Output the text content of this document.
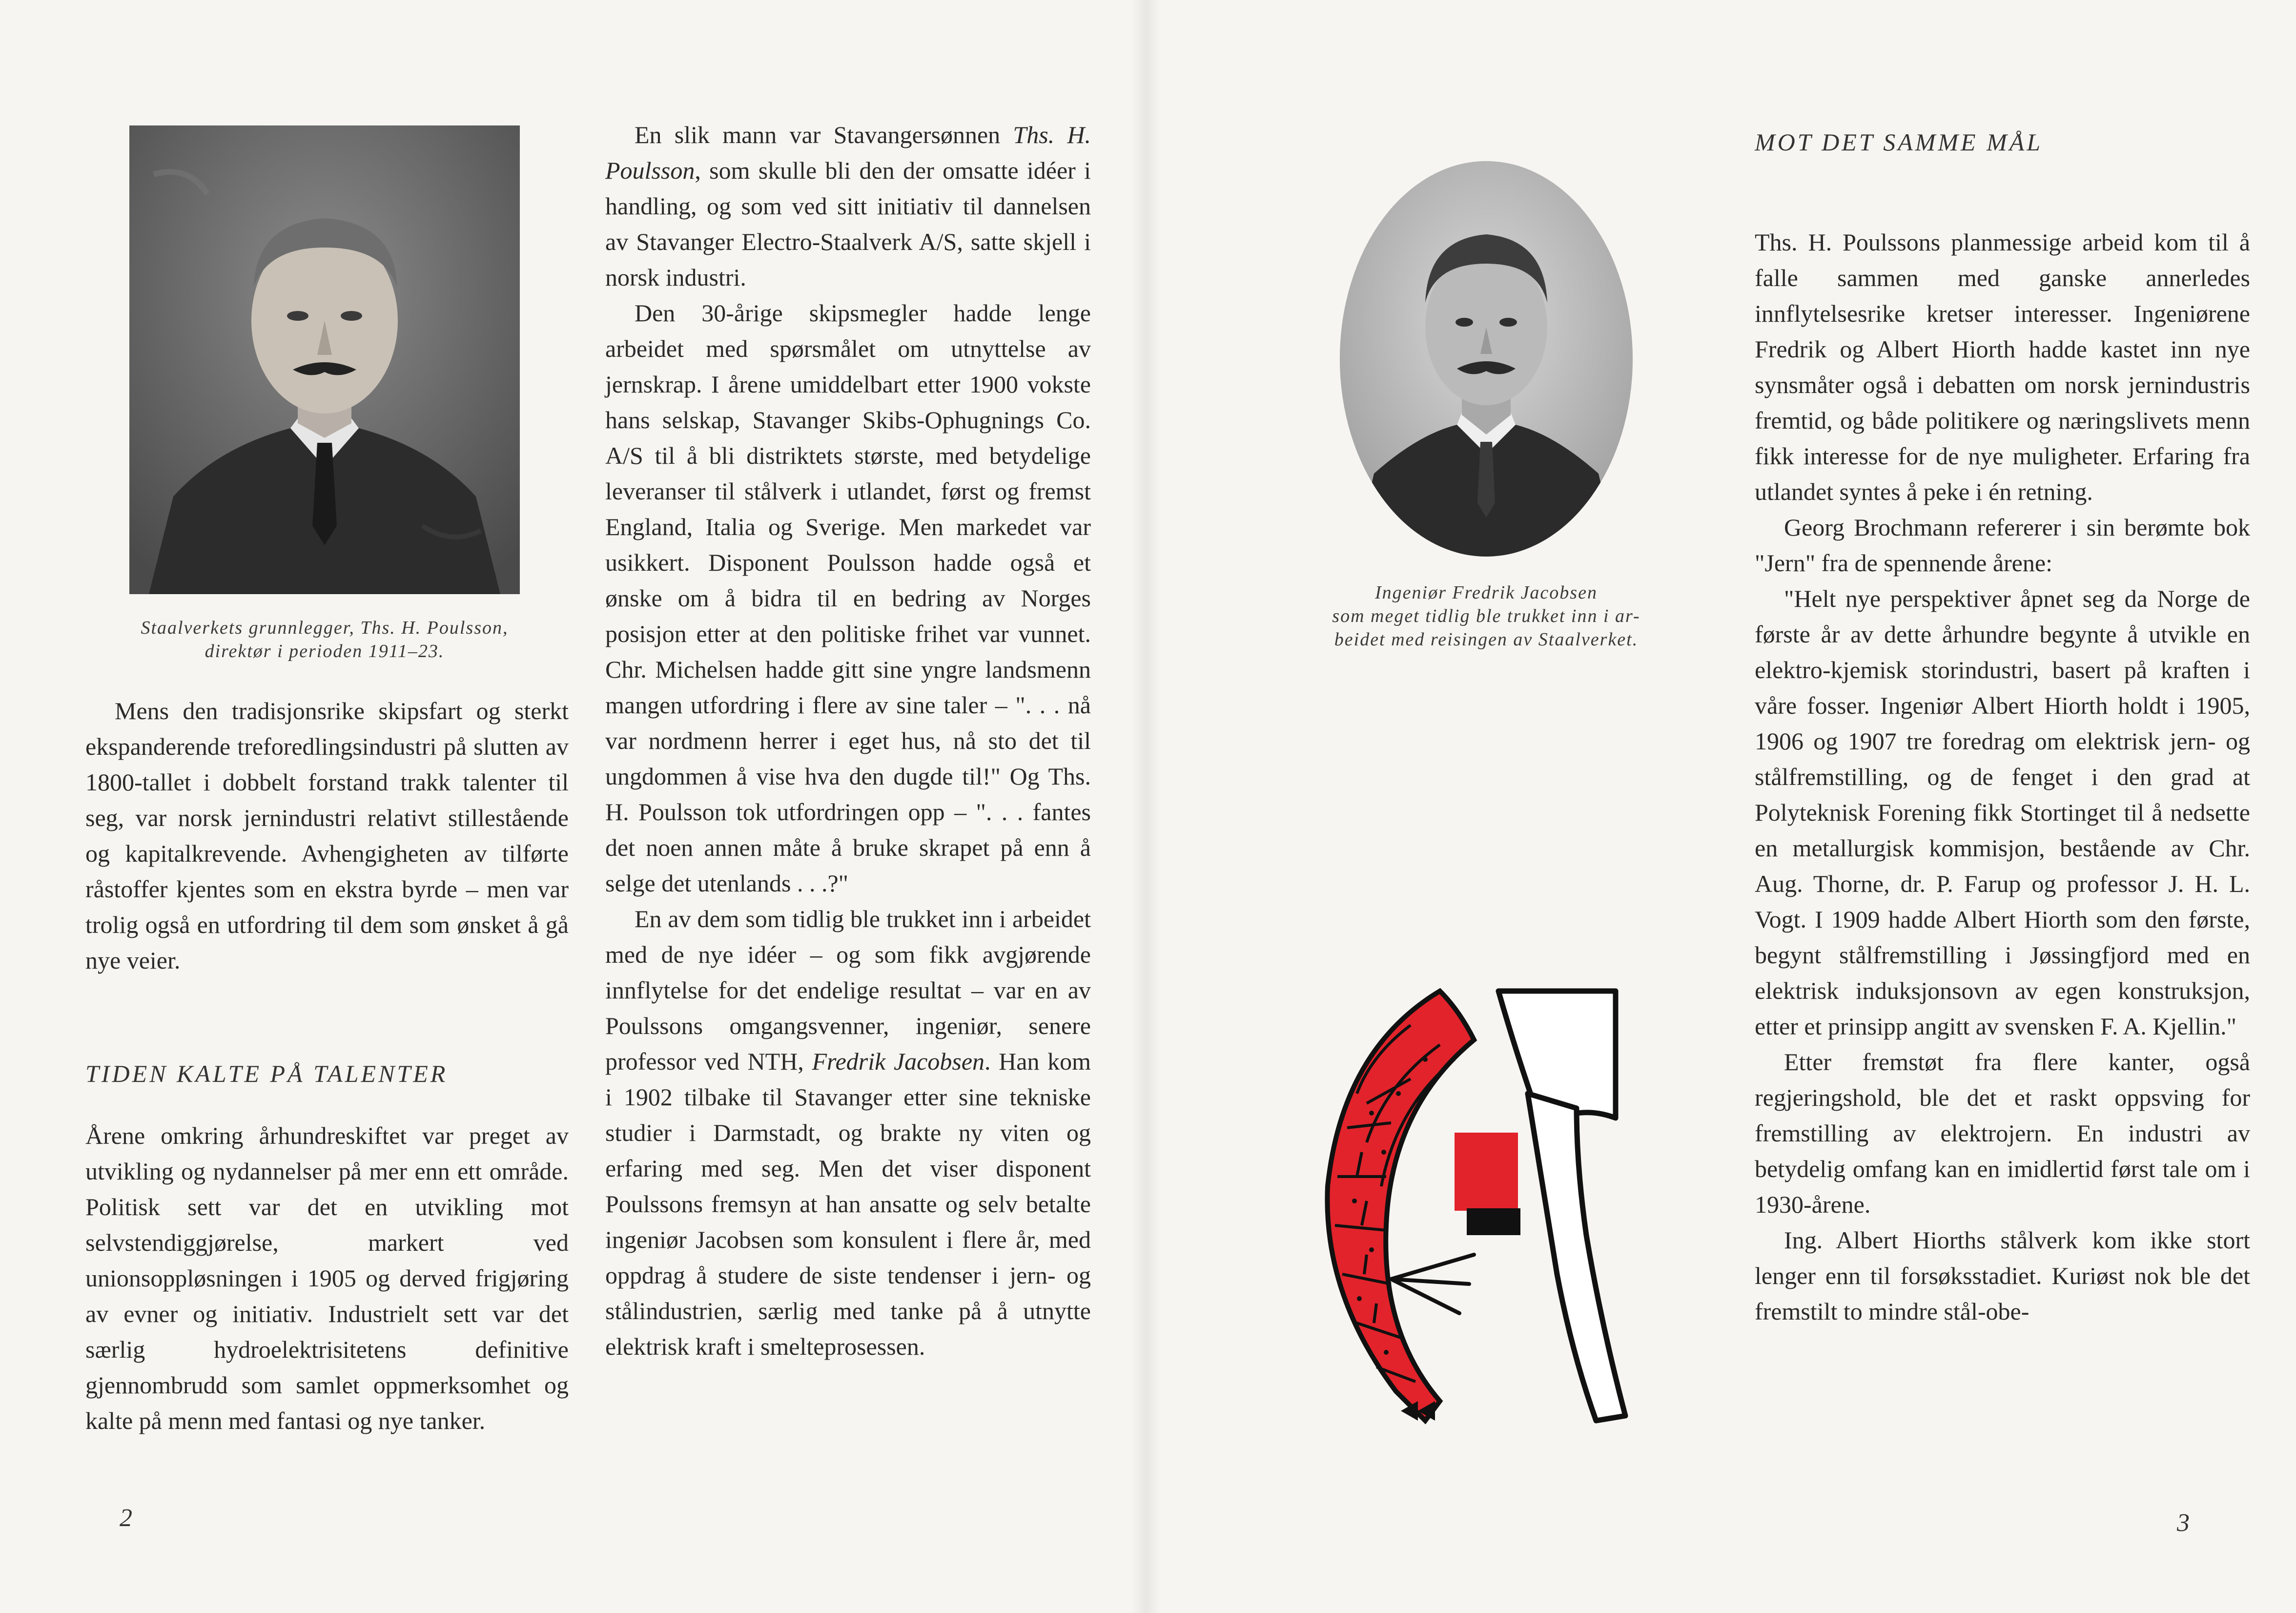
Staalverkets grunnlegger, Ths. H. Poulsson,
direktør i perioden 1911–23.

Mens den tradisjonsrike skipsfart og sterkt ekspanderende treforedlingsindustri på slutten av 1800-tallet i dobbelt forstand trakk talenter til seg, var norsk jernindustri relativt stillestående og kapitalkrevende. Avhengigheten av tilførte råstoffer kjentes som en ekstra byrde – men var trolig også en utfordring til dem som ønsket å gå nye veier.

TIDEN KALTE PÅ TALENTER

Årene omkring århundreskiftet var preget av utvikling og nydannelser på mer enn ett område. Politisk sett var det en utvikling mot selvstendiggjørelse, markert ved unionsoppløsningen i 1905 og derved frigjøring av evner og initiativ. Industrielt sett var det særlig hydroelektrisitetens definitive gjennombrudd som samlet oppmerksomhet og kalte på menn med fantasi og nye tanker.

En slik mann var Stavangersønnen Ths. H. Poulsson, som skulle bli den der omsatte idéer i handling, og som ved sitt initiativ til dannelsen av Stavanger Electro-Staalverk A/S, satte skjell i norsk industri.

Den 30-årige skipsmegler hadde lenge arbeidet med spørsmålet om utnyttelse av jernskrap. I årene umiddelbart etter 1900 vokste hans selskap, Stavanger Skibs-Ophugnings Co. A/S til å bli distriktets største, med betydelige leveranser til stålverk i utlandet, først og fremst England, Italia og Sverige. Men markedet var usikkert. Disponent Poulsson hadde også et ønske om å bidra til en bedring av Norges posisjon etter at den politiske frihet var vunnet. Chr. Michelsen hadde gitt sine yngre landsmenn mangen utfordring i flere av sine taler – ". . . nå var nordmenn herrer i eget hus, nå sto det til ungdommen å vise hva den dugde til!" Og Ths. H. Poulsson tok utfordringen opp – ". . . fantes det noen annen måte å bruke skrapet på enn å selge det utenlands . . .?"

En av dem som tidlig ble trukket inn i arbeidet med de nye idéer – og som fikk avgjørende innflytelse for det endelige resultat – var en av Poulssons omgangsvenner, ingeniør, senere professor ved NTH, Fredrik Jacobsen. Han kom i 1902 tilbake til Stavanger etter sine tekniske studier i Darmstadt, og brakte ny viten og erfaring med seg. Men det viser disponent Poulssons fremsyn at han ansatte og selv betalte ingeniør Jacobsen som konsulent i flere år, med oppdrag å studere de siste tendenser i jern- og stålindustrien, særlig med tanke på å utnytte elektrisk kraft i smelteprosessen.

2
Ingeniør Fredrik Jacobsen
som meget tidlig ble trukket inn i ar-
beidet med reisingen av Staalverket.
MOT DET SAMME MÅL

Ths. H. Poulssons planmessige arbeid kom til å falle sammen med ganske annerledes innflytelsesrike kretser interesser. Ingeniørene Fredrik og Albert Hiorth hadde kastet inn nye synsmåter også i debatten om norsk jernindustris fremtid, og både politikere og næringslivets menn fikk interesse for de nye muligheter. Erfaring fra utlandet syntes å peke i én retning.

Georg Brochmann refererer i sin berømte bok "Jern" fra de spennende årene:

"Helt nye perspektiver åpnet seg da Norge de første år av dette århundre begynte å utvikle en elektro-kjemisk storindustri, basert på kraften i våre fosser. Ingeniør Albert Hiorth holdt i 1905, 1906 og 1907 tre foredrag om elektrisk jern- og stålfremstilling, og de fenget i den grad at Polyteknisk Forening fikk Stortinget til å nedsette en metallurgisk kommisjon, bestående av Chr. Aug. Thorne, dr. P. Farup og professor J. H. L. Vogt. I 1909 hadde Albert Hiorth som den første, begynt stålfremstilling i Jøssingfjord med en elektrisk induksjonsovn av egen konstruksjon, etter et prinsipp angitt av svensken F. A. Kjellin."

Etter fremstøt fra flere kanter, også regjeringshold, ble det et raskt oppsving for fremstilling av elektrojern. En industri av betydelig omfang kan en imidlertid først tale om i 1930-årene.

Ing. Albert Hiorths stålverk kom ikke stort lenger enn til forsøksstadiet. Kuriøst nok ble det fremstilt to mindre stål-obe-

3
